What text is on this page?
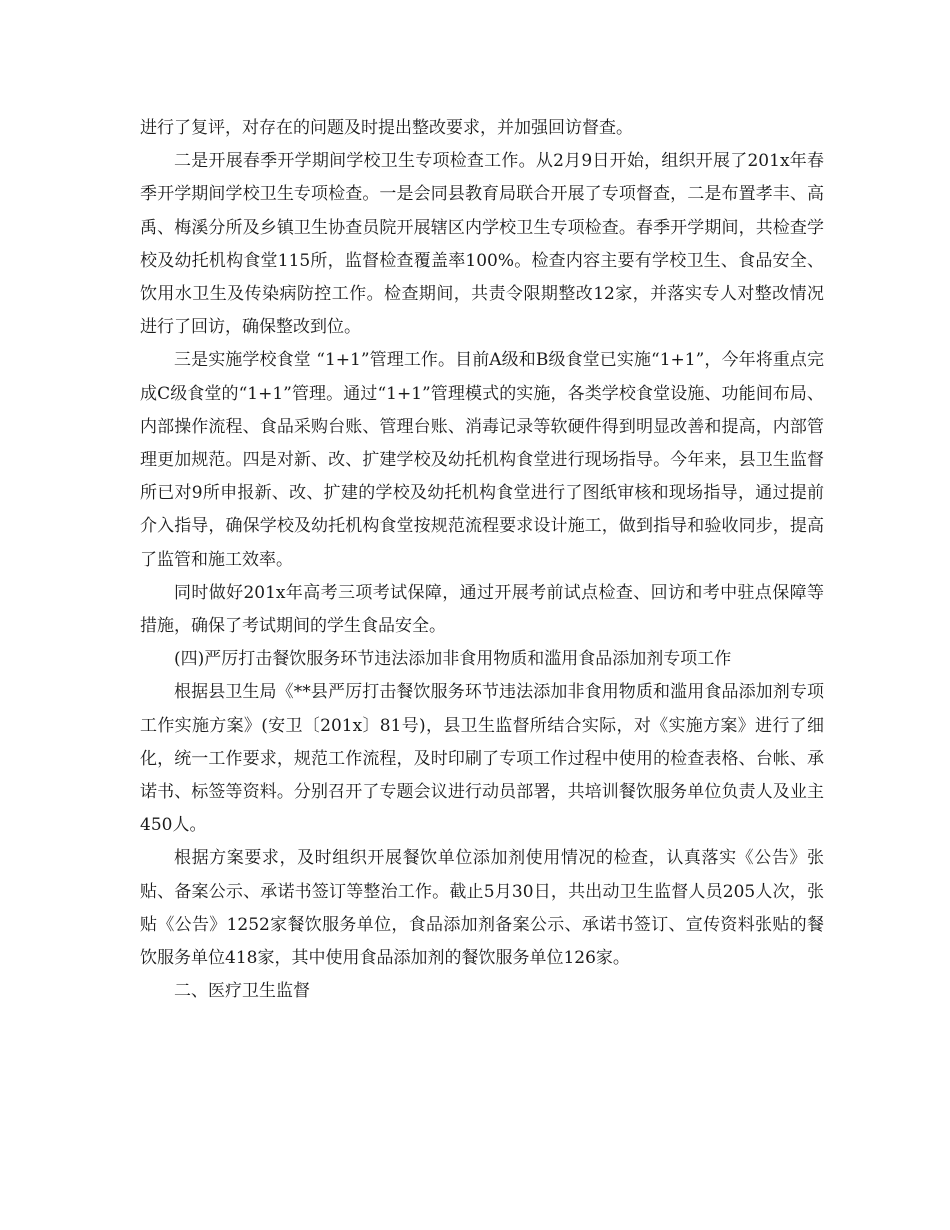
进行了复评，对存在的问题及时提出整改要求，并加强回访督查。

二是开展春季开学期间学校卫生专项检查工作。从2月9日开始，组织开展了201x年春季开学期间学校卫生专项检查。一是会同县教育局联合开展了专项督查，二是布置孝丰、高禹、梅溪分所及乡镇卫生协查员院开展辖区内学校卫生专项检查。春季开学期间，共检查学校及幼托机构食堂115所，监督检查覆盖率100%。检查内容主要有学校卫生、食品安全、饮用水卫生及传染病防控工作。检查期间，共责令限期整改12家，并落实专人对整改情况进行了回访，确保整改到位。

三是实施学校食堂 “1+1”管理工作。目前A级和B级食堂已实施“1+1”，今年将重点完成C级食堂的“1+1”管理。通过“1+1”管理模式的实施，各类学校食堂设施、功能间布局、内部操作流程、食品采购台账、管理台账、消毒记录等软硬件得到明显改善和提高，内部管理更加规范。四是对新、改、扩建学校及幼托机构食堂进行现场指导。今年来，县卫生监督所已对9所申报新、改、扩建的学校及幼托机构食堂进行了图纸审核和现场指导，通过提前介入指导，确保学校及幼托机构食堂按规范流程要求设计施工，做到指导和验收同步，提高了监管和施工效率。

同时做好201x年高考三项考试保障，通过开展考前试点检查、回访和考中驻点保障等措施，确保了考试期间的学生食品安全。

(四)严厉打击餐饮服务环节违法添加非食用物质和滥用食品添加剂专项工作

根据县卫生局《**县严厉打击餐饮服务环节违法添加非食用物质和滥用食品添加剂专项工作实施方案》(安卫〔201x〕81号)，县卫生监督所结合实际，对《实施方案》进行了细化，统一工作要求，规范工作流程，及时印刷了专项工作过程中使用的检查表格、台帐、承诺书、标签等资料。分别召开了专题会议进行动员部署，共培训餐饮服务单位负责人及业主450人。

根据方案要求，及时组织开展餐饮单位添加剂使用情况的检查，认真落实《公告》张贴、备案公示、承诺书签订等整治工作。截止5月30日，共出动卫生监督人员205人次，张贴《公告》1252家餐饮服务单位，食品添加剂备案公示、承诺书签订、宣传资料张贴的餐饮服务单位418家，其中使用食品添加剂的餐饮服务单位126家。

二、医疗卫生监督
